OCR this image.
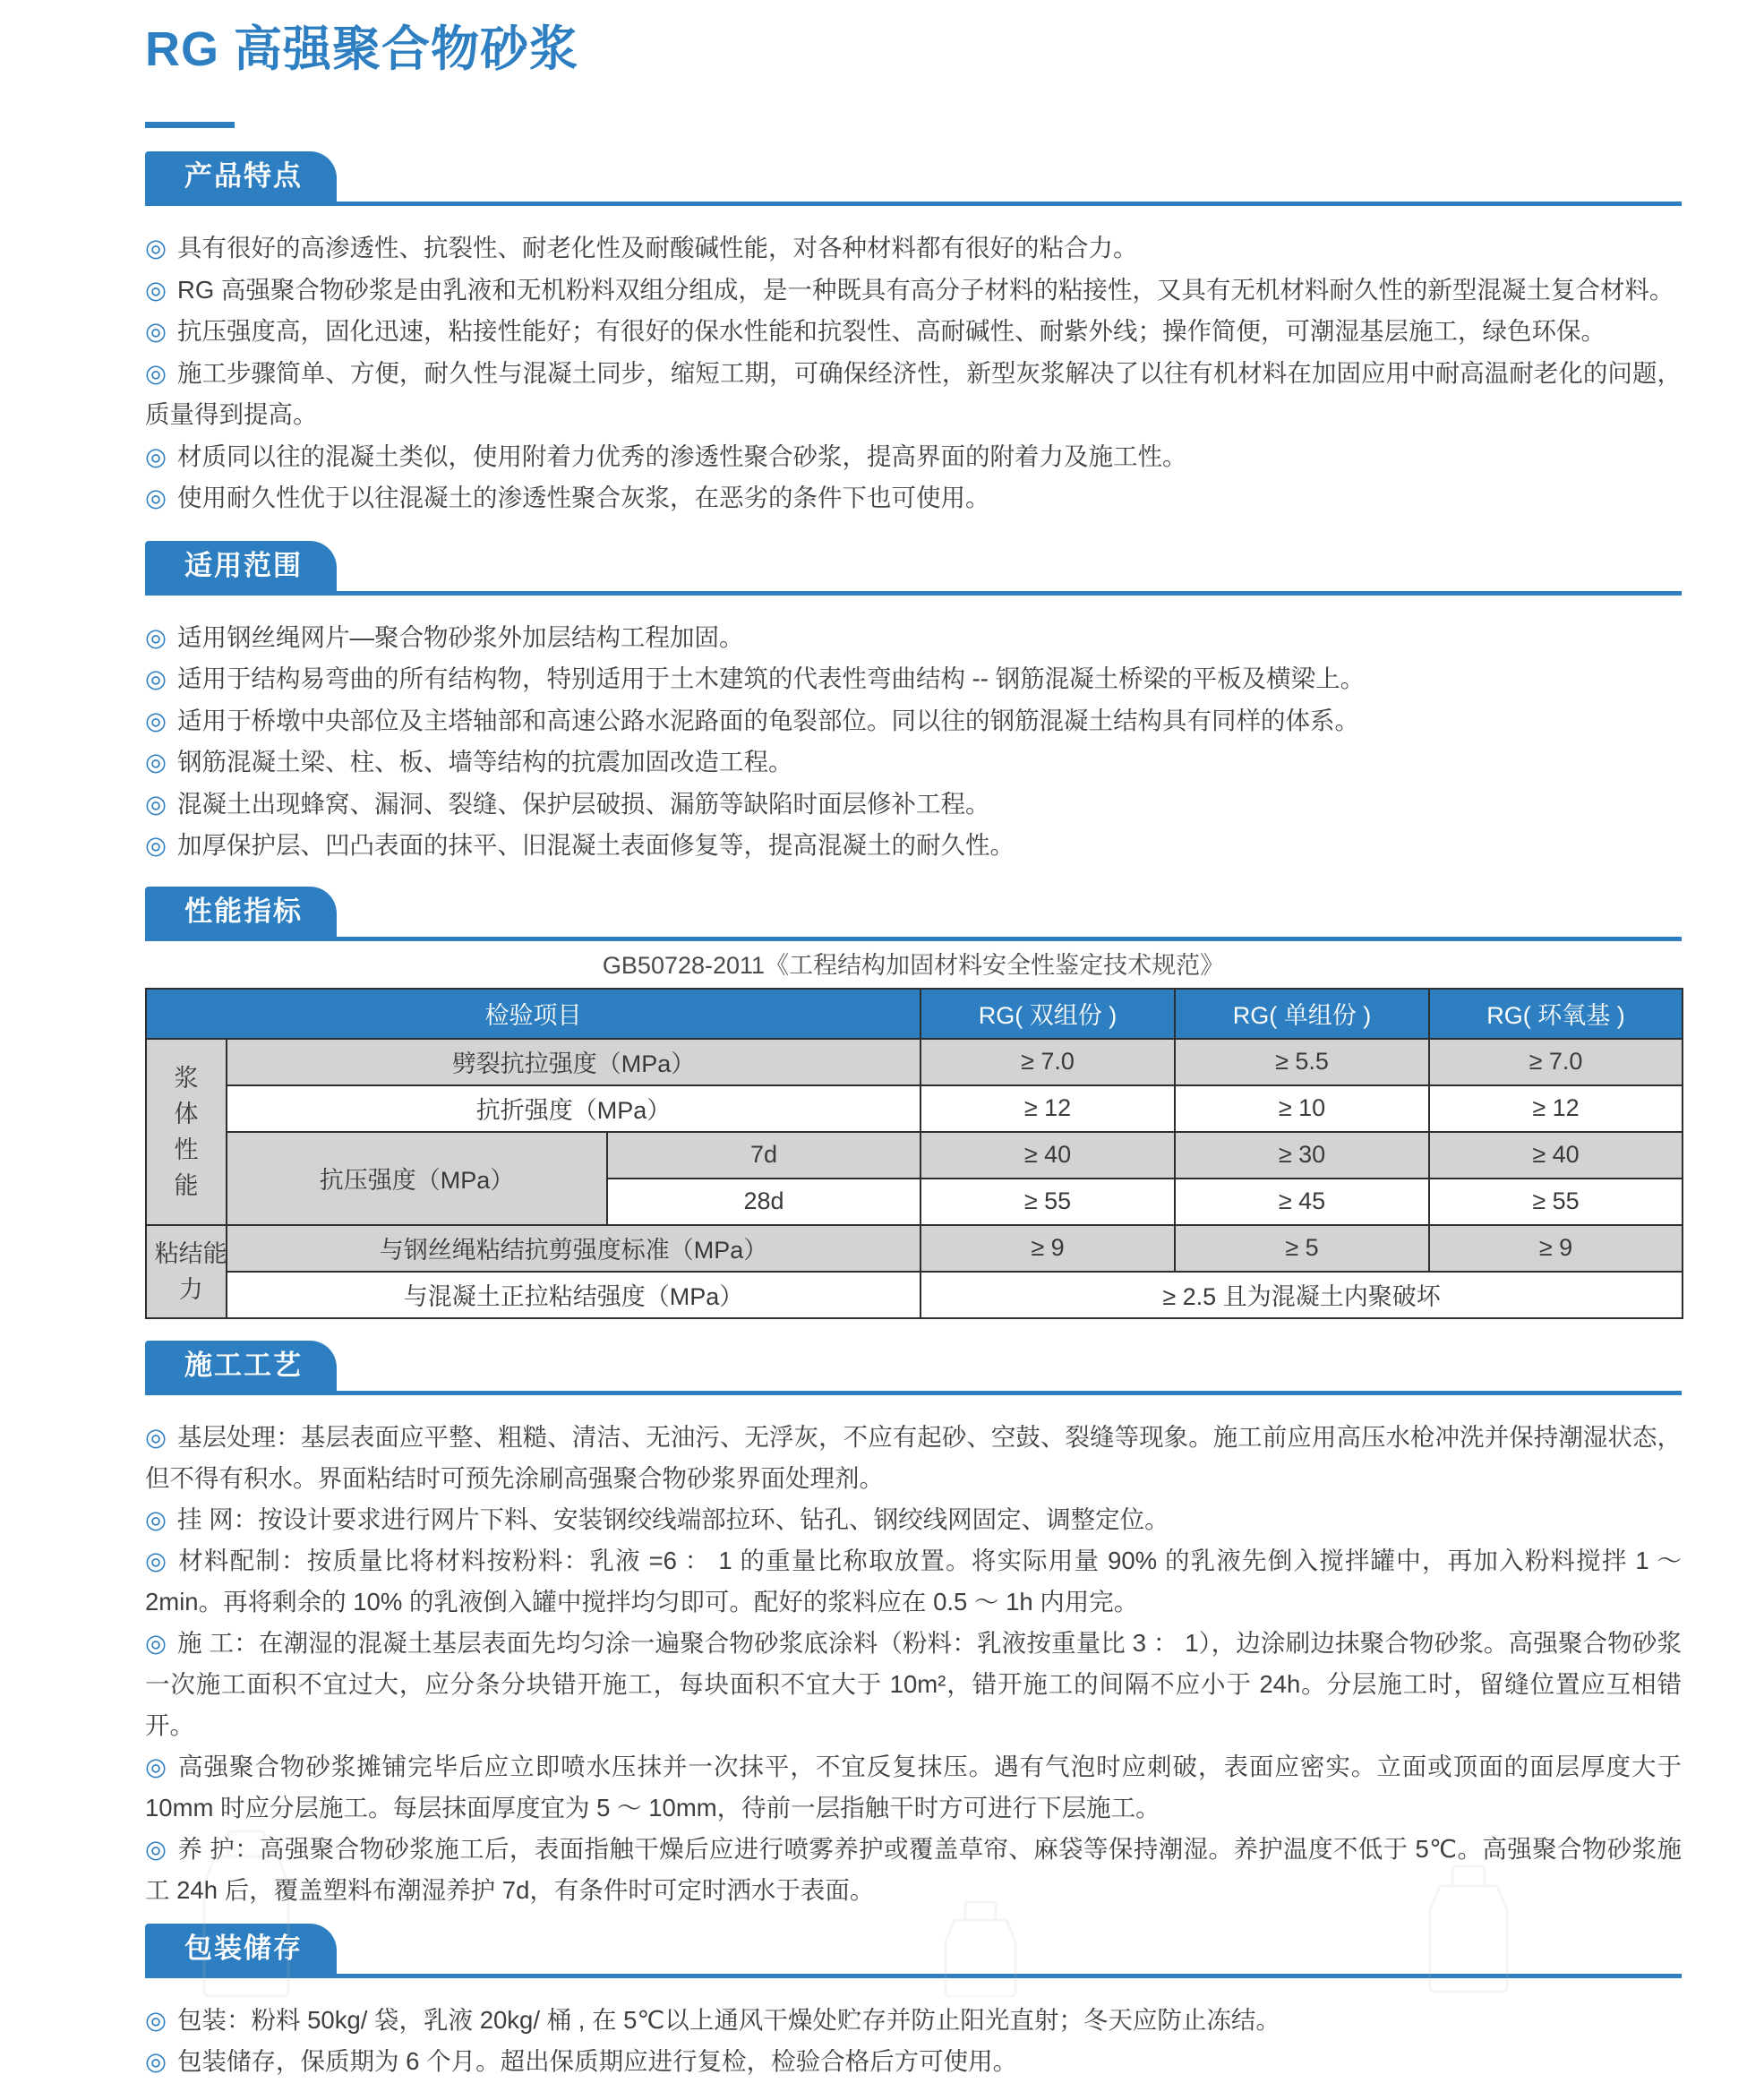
RG 高强聚合物砂浆
产品特点

◎ 具有很好的高渗透性、抗裂性、耐老化性及耐酸碱性能，对各种材料都有很好的粘合力。

◎ RG 高强聚合物砂浆是由乳液和无机粉料双组分组成，是一种既具有高分子材料的粘接性，又具有无机材料耐久性的新型混凝土复合材料。

◎ 抗压强度高，固化迅速，粘接性能好；有很好的保水性能和抗裂性、高耐碱性、耐紫外线；操作简便，可潮湿基层施工，绿色环保。

◎ 施工步骤简单、方便，耐久性与混凝土同步，缩短工期，可确保经济性，新型灰浆解决了以往有机材料在加固应用中耐高温耐老化的问题，质量得到提高。

◎ 材质同以往的混凝土类似，使用附着力优秀的渗透性聚合砂浆，提高界面的附着力及施工性。

◎ 使用耐久性优于以往混凝土的渗透性聚合灰浆，在恶劣的条件下也可使用。

适用范围

◎ 适用钢丝绳网片—聚合物砂浆外加层结构工程加固。

◎ 适用于结构易弯曲的所有结构物，特别适用于土木建筑的代表性弯曲结构 -- 钢筋混凝土桥梁的平板及横梁上。

◎ 适用于桥墩中央部位及主塔轴部和高速公路水泥路面的龟裂部位。同以往的钢筋混凝土结构具有同样的体系。

◎ 钢筋混凝土梁、柱、板、墙等结构的抗震加固改造工程。◎ 混凝土出现蜂窝、漏洞、裂缝、保护层破损、漏筋等缺陷时面层修补工程。

◎ 加厚保护层、凹凸表面的抹平、旧混凝土表面修复等，提高混凝土的耐久性。

性能指标
GB50728-2011《工程结构加固材料安全性鉴定技术规范》
检验项目			RG( 双组份 )	RG( 单组份 )	RG( 环氧基 )
浆体性能	劈裂抗拉强度（MPa）		≥ 7.0	≥ 5.5	≥ 7.0
	抗折强度（MPa）		≥ 12	≥ 10	≥ 12
	抗压强度（MPa）	7d	≥ 40	≥ 30	≥ 40
		28d	≥ 55	≥ 45	≥ 55
粘结能力	与钢丝绳粘结抗剪强度标准（MPa）		≥ 9	≥ 5	≥ 9
	与混凝土正拉粘结强度（MPa）		≥ 2.5 且为混凝土内聚破坏		
施工工艺

◎ 基层处理：基层表面应平整、粗糙、清洁、无油污、无浮灰，不应有起砂、空鼓、裂缝等现象。施工前应用高压水枪冲洗并保持潮湿状态，但不得有积水。界面粘结时可预先涂刷高强聚合物砂浆界面处理剂。

◎ 挂 网：按设计要求进行网片下料、安装钢绞线端部拉环、钻孔、钢绞线网固定、调整定位。

◎ 材料配制：按质量比将材料按粉料：乳液 =6 ： 1 的重量比称取放置。将实际用量 90% 的乳液先倒入搅拌罐中，再加入粉料搅拌 1 ～ 2min。再将剩余的 10% 的乳液倒入罐中搅拌均匀即可。配好的浆料应在 0.5 ～ 1h 内用完。

◎ 施 工：在潮湿的混凝土基层表面先均匀涂一遍聚合物砂浆底涂料（粉料：乳液按重量比 3 ： 1），边涂刷边抹聚合物砂浆。高强聚合物砂浆一次施工面积不宜过大，应分条分块错开施工，每块面积不宜大于 10m²，错开施工的间隔不应小于 24h。分层施工时，留缝位置应互相错开。

◎ 高强聚合物砂浆摊铺完毕后应立即喷水压抹并一次抹平，不宜反复抹压。遇有气泡时应刺破，表面应密实。立面或顶面的面层厚度大于 10mm 时应分层施工。每层抹面厚度宜为 5 ～ 10mm，待前一层指触干时方可进行下层施工。

◎ 养 护：高强聚合物砂浆施工后，表面指触干燥后应进行喷雾养护或覆盖草帘、麻袋等保持潮湿。养护温度不低于 5℃。高强聚合物砂浆施工 24h 后，覆盖塑料布潮湿养护 7d，有条件时可定时洒水于表面。

包装储存

◎ 包装：粉料 50kg/ 袋，乳液 20kg/ 桶 , 在 5℃以上通风干燥处贮存并防止阳光直射；冬天应防止冻结。

◎ 包装储存，保质期为 6 个月。超出保质期应进行复检，检验合格后方可使用。
